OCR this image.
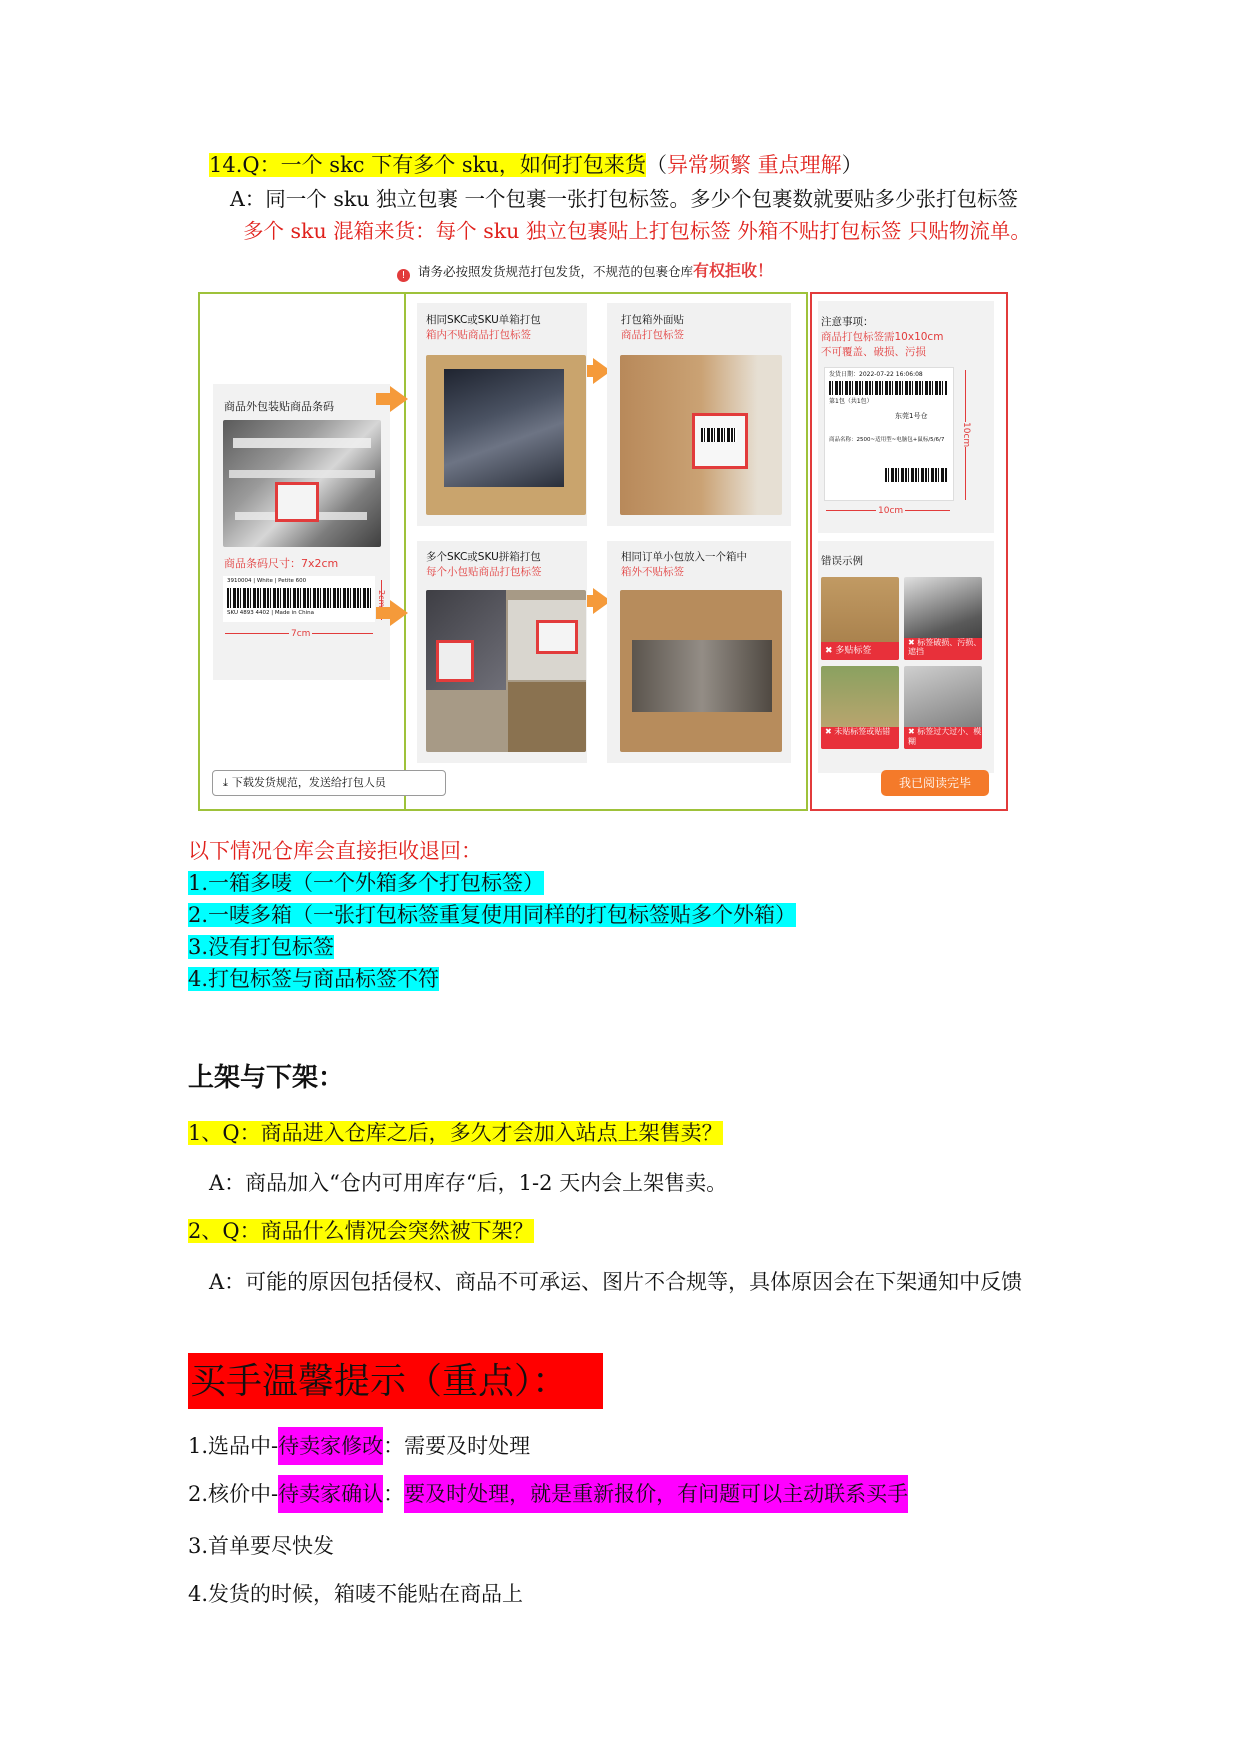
14.Q：一个 skc 下有多个 sku，如何打包来货（异常频繁 重点理解）
A：同一个 sku 独立包裹 一个包裹一张打包标签。多少个包裹数就要贴多少张打包标签
多个 sku 混箱来货：每个 sku 独立包裹贴上打包标签 外箱不贴打包标签 只贴物流单。
! 请务必按照发货规范打包发货，不规范的包裹仓库有权拒收！
商品外包装贴商品条码
商品条码尺寸：7x2cm
3910004 | White | Petite 600
SKU 4893 4402 | Made in China
2cm
7cm
相同SKC或SKU单箱打包
箱内不贴商品打包标签
打包箱外面贴
商品打包标签
多个SKC或SKU拼箱打包
每个小包贴商品打包标签
相同订单小包放入一个箱中
箱外不贴标签
注意事项：
商品打包标签需10x10cm
不可覆盖、破损、污损
发货日期：2022-07-22 16:06:08
第1包（共1包）
东莞1号仓
商品名称：2500~适用型~电脑包+鼠标/5/6/7 10cm
10cm
错误示例
✖ 多贴标签
✖ 标签破损、污损、遮挡
✖ 未贴标签或贴错	✖ 标签过大过小、模糊
⤓ 下载发货规范，发送给打包人员	我已阅读完毕
以下情况仓库会直接拒收退回：
1.一箱多唛（一个外箱多个打包标签）
2.一唛多箱（一张打包标签重复使用同样的打包标签贴多个外箱）
3.没有打包标签
4.打包标签与商品标签不符
上架与下架：
1、Q：商品进入仓库之后，多久才会加入站点上架售卖？
A：商品加入“仓内可用库存“后，1-2 天内会上架售卖。
2、Q：商品什么情况会突然被下架？
A：可能的原因包括侵权、商品不可承运、图片不合规等，具体原因会在下架通知中反馈
买手温馨提示（重点）：
1.选品中-待卖家修改：需要及时处理
2.核价中-待卖家确认：要及时处理，就是重新报价，有问题可以主动联系买手
3.首单要尽快发
4.发货的时候，箱唛不能贴在商品上
